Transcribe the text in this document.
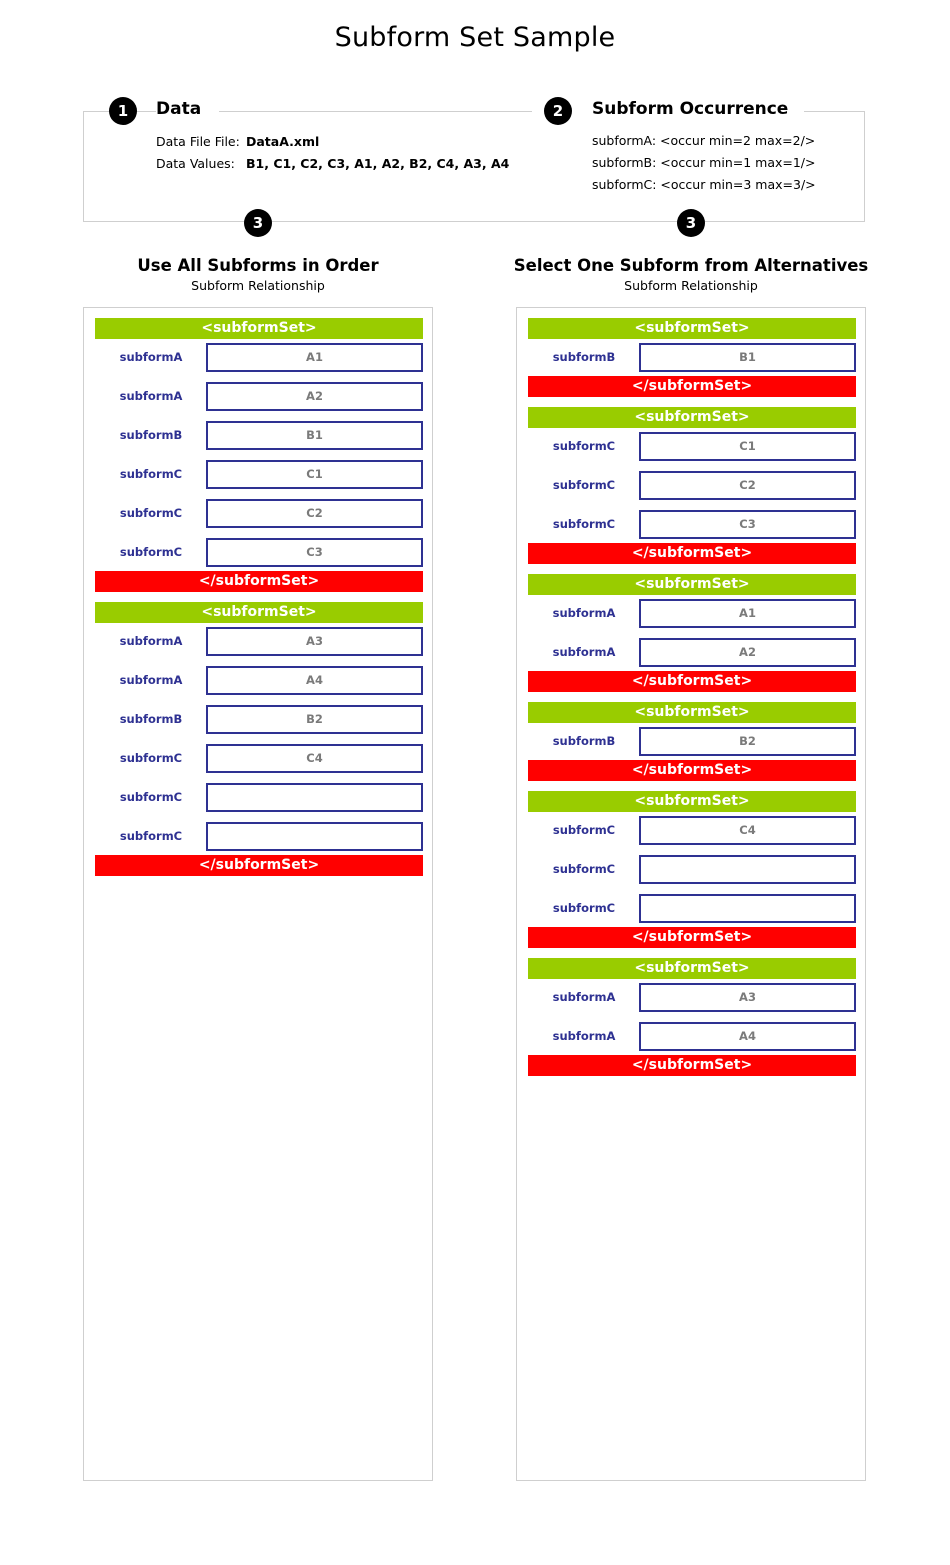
Subform Set Sample
1	Data
Data File File: DataA.xml
Data Values: B1, C1, C2, C3, A1, A2, B2, C4, A3, A4
2	Subform Occurrence
subformA: <occur min=2 max=2/>
subformB: <occur min=1 max=1/>
subformC: <occur min=3 max=3/>
3
Use All Subforms in Order
Subform Relationship
3
Select One Subform from Alternatives
Subform Relationship
<subformSet>
subformA	A1
subformA	A2
subformB	B1
subformC	C1
subformC	C2
subformC	C3
</subformSet>
<subformSet>
subformA	A3
subformA	A4
subformB	B2
subformC	C4
subformC
subformC
</subformSet>
<subformSet>
subformB	B1
</subformSet>
<subformSet>
subformC	C1
subformC	C2
subformC	C3
</subformSet>
<subformSet>
subformA	A1
subformA	A2
</subformSet>
<subformSet>
subformB	B2
</subformSet>
<subformSet>
subformC	C4
subformC
subformC
</subformSet>
<subformSet>
subformA	A3
subformA	A4
</subformSet>
